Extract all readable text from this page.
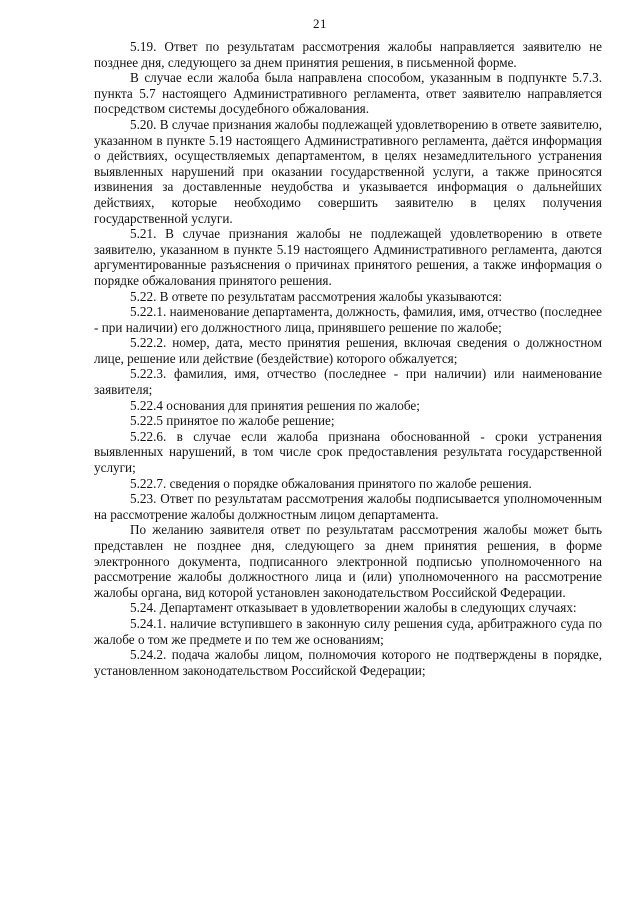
21

5.19. Ответ по результатам рассмотрения жалобы направляется заявителю не позднее дня, следующего за днем принятия решения, в письменной форме.

В случае если жалоба была направлена способом, указанным в подпункте 5.7.3. пункта 5.7 настоящего Административного регламента, ответ заявителю направляется посредством системы досудебного обжалования.

5.20. В случае признания жалобы подлежащей удовлетворению в ответе заявителю, указанном в пункте 5.19 настоящего Административного регламента, даётся информация о действиях, осуществляемых департаментом, в целях незамедлительного устранения выявленных нарушений при оказании государственной услуги, а также приносятся извинения за доставленные неудобства и указывается информация о дальнейших действиях, которые необходимо совершить заявителю в целях получения государственной услуги.

5.21. В случае признания жалобы не подлежащей удовлетворению в ответе заявителю, указанном в пункте 5.19 настоящего Административного регламента, даются аргументированные разъяснения о причинах принятого решения, а также информация о порядке обжалования принятого решения.

5.22. В ответе по результатам рассмотрения жалобы указываются:

5.22.1. наименование департамента, должность, фамилия, имя, отчество (последнее - при наличии) его должностного лица, принявшего решение по жалобе;

5.22.2. номер, дата, место принятия решения, включая сведения о должностном лице, решение или действие (бездействие) которого обжалуется;

5.22.3. фамилия, имя, отчество (последнее - при наличии) или наименование заявителя;

5.22.4 основания для принятия решения по жалобе;

5.22.5 принятое по жалобе решение;

5.22.6. в случае если жалоба признана обоснованной - сроки устранения выявленных нарушений, в том числе срок предоставления результата государственной услуги;

5.22.7. сведения о порядке обжалования принятого по жалобе решения.

5.23. Ответ по результатам рассмотрения жалобы подписывается уполномоченным на рассмотрение жалобы должностным лицом департамента.

По желанию заявителя ответ по результатам рассмотрения жалобы может быть представлен не позднее дня, следующего за днем принятия решения, в форме электронного документа, подписанного электронной подписью уполномоченного на рассмотрение жалобы должностного лица и (или) уполномоченного на рассмотрение жалобы органа, вид которой установлен законодательством Российской Федерации.

5.24. Департамент отказывает в удовлетворении жалобы в следующих случаях:

5.24.1. наличие вступившего в законную силу решения суда, арбитражного суда по жалобе о том же предмете и по тем же основаниям;

5.24.2. подача жалобы лицом, полномочия которого не подтверждены в порядке, установленном законодательством Российской Федерации;
